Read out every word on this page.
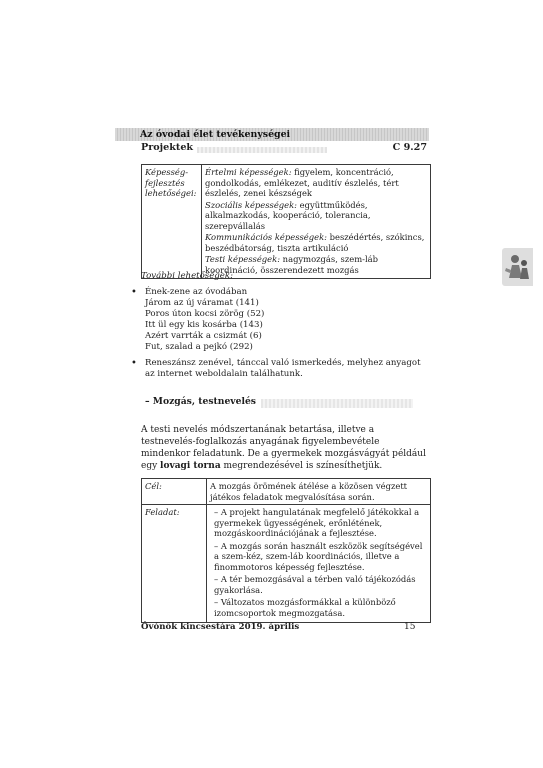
Az óvodai élet tevékenységei
Projektek	C 9.27
Képesség-fejlesztés lehetőségei:	
Értelmi képességek: figyelem, koncentráció, gondolkodás, emlékezet, auditív észlelés, tért észlelés, zenei készségek
Szociális képességek: együttműködés, alkalmazkodás, kooperáció, tolerancia, szerepvállalás
Kommunikációs képességek: beszédértés, szókincs, beszédbátorság, tiszta artikuláció
Testi képességek: nagymozgás, szem-láb koordináció, összerendezett mozgás
További lehetőségek:
• Ének-zene az óvodában
Járom az új váramat (141)
Poros úton kocsi zörög (52)
Itt ül egy kis kosárba (143)
Azért varrták a csizmát (6)
Fut, szalad a pejkó (292)
• Reneszánsz zenével, tánccal való ismerkedés, melyhez anyagot az internet weboldalain találhatunk.
– Mozgás, testnevelés
A testi nevelés módszertanának betartása, illetve a testnevelés-foglalkozás anyagának figyelembevétele mindenkor feladatunk. De a gyermekek mozgásvágyát például egy lovagi torna megrendezésével is színesíthetjük.
Cél:	A mozgás örömének átélése a közösen végzett játékos feladatok megvalósítása során.
Feladat:	– A projekt hangulatának megfelelő játékokkal a gyermekek ügyességének, erőnlétének, mozgáskoordinációjának a fejlesztése.
– A mozgás során használt eszközök segítségével a szem-kéz, szem-láb koordinációs, illetve a finommotoros képesség fejlesztése.
– A tér bemozgásával a térben való tájékozódás gyakorlása.
– Változatos mozgásformákkal a különböző izomcsoportok megmozgatása.
Óvónők kincsestára 2019. április	15
